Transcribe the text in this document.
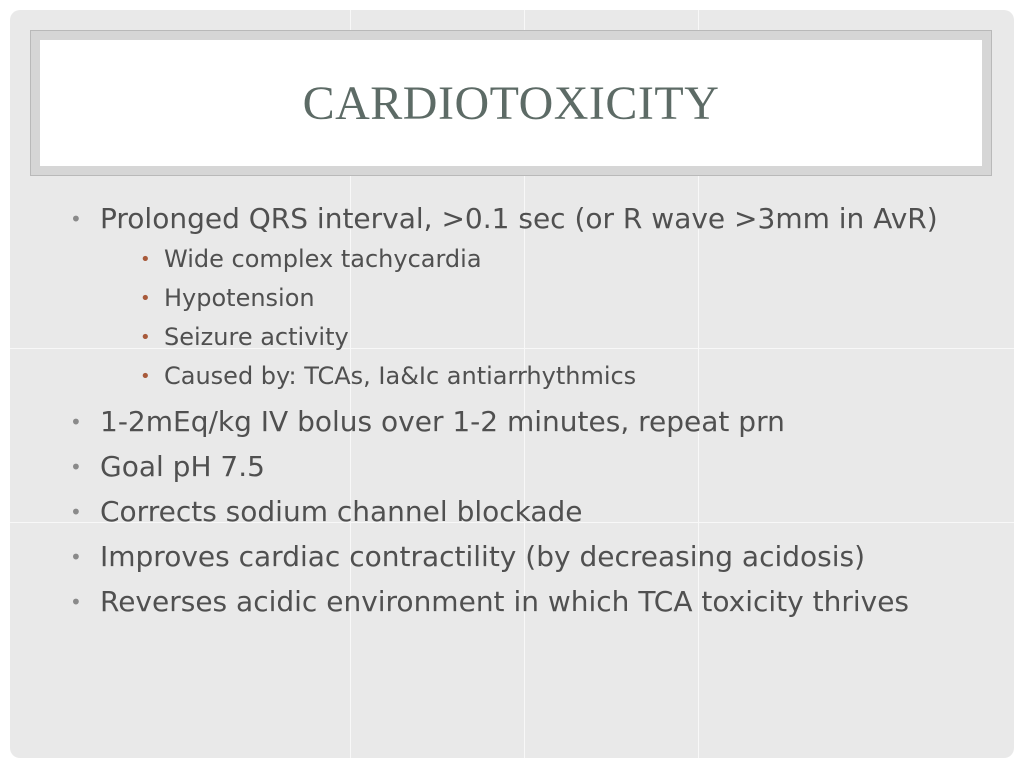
CARDIOTOXICITY
• Prolonged QRS interval, >0.1 sec (or R wave >3mm in AvR)
• Wide complex tachycardia
• Hypotension
• Seizure activity
• Caused by: TCAs, Ia&Ic antiarrhythmics
• 1-2mEq/kg IV bolus over 1-2 minutes, repeat prn
• Goal pH 7.5
• Corrects sodium channel blockade
• Improves cardiac contractility (by decreasing acidosis)
• Reverses acidic environment in which TCA toxicity thrives
